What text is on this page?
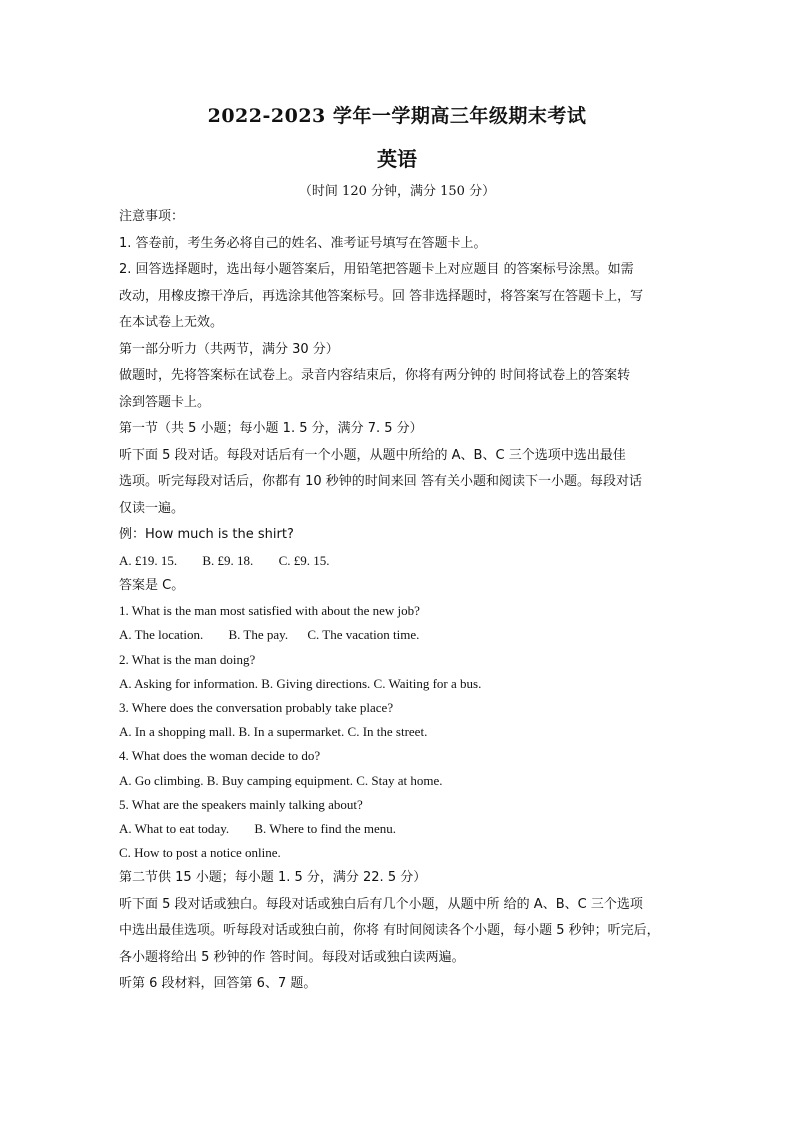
2022-2023 学年一学期高三年级期末考试
英语
（时间 120 分钟，满分 150 分）

注意事项：

1. 答卷前，考生务必将自己的姓名、准考证号填写在答题卡上。

2. 回答选择题时，选出每小题答案后，用铅笔把答题卡上对应题目 的答案标号涂黑。如需

改动，用橡皮擦干净后，再选涂其他答案标号。回 答非选择题时，将答案写在答题卡上，写

在本试卷上无效。

第一部分听力（共两节，满分 30 分）

做题时，先将答案标在试卷上。录音内容结束后，你将有两分钟的 时间将试卷上的答案转

涂到答题卡上。

第一节（共 5 小题；每小题 1. 5 分，满分 7. 5 分）

听下面 5 段对话。每段对话后有一个小题，从题中所给的 A、B、C 三个选项中选出最佳

选项。听完每段对话后，你都有 10 秒钟的时间来回 答有关小题和阅读下一小题。每段对话

仅读一遍。

例：How much is the shirt?

A. £19. 15. B. £9. 18. C. £9. 15.

答案是 C。

1. What is the man most satisfied with about the new job?

A. The location. B. The pay. C. The vacation time.

2. What is the man doing?

A. Asking for information. B. Giving directions. C. Waiting for a bus.

3. Where does the conversation probably take place?

A. In a shopping mall. B. In a supermarket. C. In the street.

4. What does the woman decide to do?

A. Go climbing. B. Buy camping equipment. C. Stay at home.

5. What are the speakers mainly talking about?

A. What to eat today. B. Where to find the menu.

C. How to post a notice online.

第二节供 15 小题；每小题 1. 5 分，满分 22. 5 分）

听下面 5 段对话或独白。每段对话或独白后有几个小题，从题中所 给的 A、B、C 三个选项

中选出最佳选项。听每段对话或独白前，你将 有时间阅读各个小题，每小题 5 秒钟；听完后，

各小题将给出 5 秒钟的作 答时间。每段对话或独白读两遍。

听第 6 段材料，回答第 6、7 题。
